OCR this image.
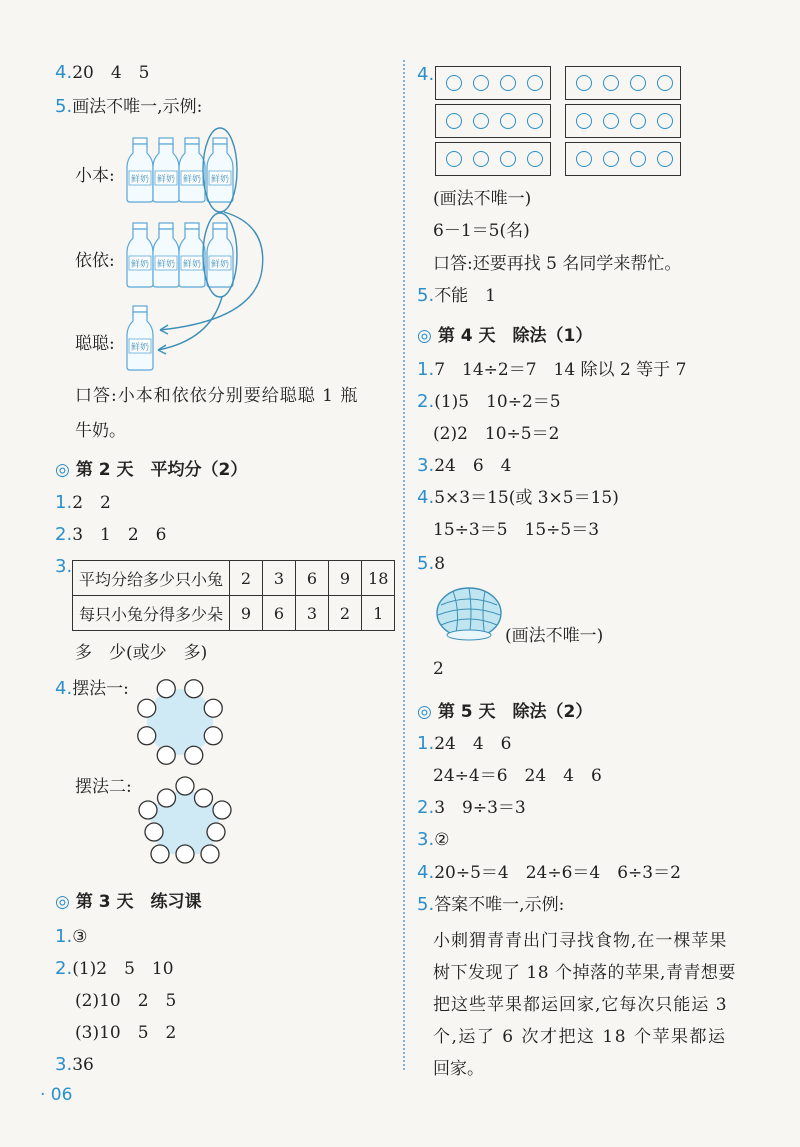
4.20　4　5
5.画法不唯一,示例:
鲜奶 鲜奶 鲜奶 鲜奶
鲜奶 鲜奶 鲜奶 鲜奶
鲜奶
小本:
依依:
聪聪:
口答:小本和依依分别要给聪聪 1 瓶
牛奶。
◎ 第 2 天　平均分（2）
1.2　2
2.3　1　2　6
3.
平均分给多少只小兔	2	3	6	9	18
每只小兔分得多少朵	9	6	3	2	1
多　少(或少　多)
4.摆法一:
摆法二:
◎ 第 3 天　练习课
1.③
2.(1)2　5　10
(2)10　2　5
(3)10　5　2
3.36
4.
(画法不唯一)
6－1＝5(名)
口答:还要再找 5 名同学来帮忙。
5.不能　1
◎ 第 4 天　除法（1）
1.7　14÷2＝7　14 除以 2 等于 7
2.(1)5　10÷2＝5
(2)2　10÷5＝2
3.24　6　4
4.5×3＝15(或 3×5＝15)
15÷3＝5　15÷5＝3
5.8
(画法不唯一)
2
◎ 第 5 天　除法（2）
1.24　4　6
24÷4＝6　24　4　6
2.3　9÷3＝3
3.②
4.20÷5＝4　24÷6＝4　6÷3＝2
5.答案不唯一,示例:
小刺猬青青出门寻找食物,在一棵苹果
树下发现了 18 个掉落的苹果,青青想要
把这些苹果都运回家,它每次只能运 3
个,运了 6 次才把这 18 个苹果都运
回家。
· 06
